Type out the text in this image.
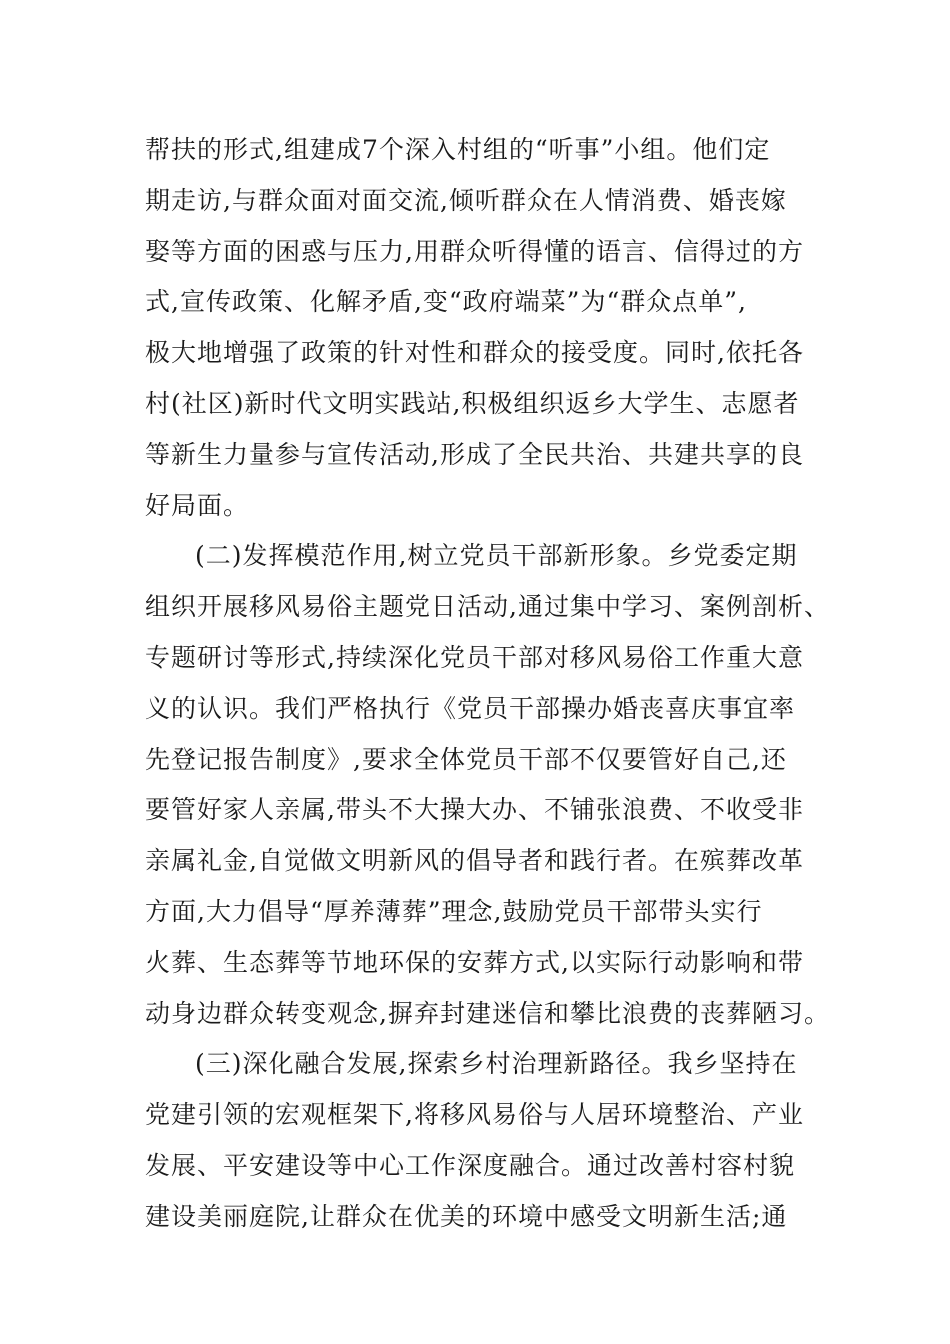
帮扶的形式,组建成7个深入村组的“听事”小组。他们定
期走访,与群众面对面交流,倾听群众在人情消费、婚丧嫁
娶等方面的困惑与压力,用群众听得懂的语言、信得过的方
式,宣传政策、化解矛盾,变“政府端菜”为“群众点单”,
极大地增强了政策的针对性和群众的接受度。同时,依托各
村(社区)新时代文明实践站,积极组织返乡大学生、志愿者
等新生力量参与宣传活动,形成了全民共治、共建共享的良
好局面。
(二)发挥模范作用,树立党员干部新形象。乡党委定期
组织开展移风易俗主题党日活动,通过集中学习、案例剖析、
专题研讨等形式,持续深化党员干部对移风易俗工作重大意
义的认识。我们严格执行《党员干部操办婚丧喜庆事宜率
先登记报告制度》,要求全体党员干部不仅要管好自己,还
要管好家人亲属,带头不大操大办、不铺张浪费、不收受非
亲属礼金,自觉做文明新风的倡导者和践行者。在殡葬改革
方面,大力倡导“厚养薄葬”理念,鼓励党员干部带头实行
火葬、生态葬等节地环保的安葬方式,以实际行动影响和带
动身边群众转变观念,摒弃封建迷信和攀比浪费的丧葬陋习。
(三)深化融合发展,探索乡村治理新路径。我乡坚持在
党建引领的宏观框架下,将移风易俗与人居环境整治、产业
发展、平安建设等中心工作深度融合。通过改善村容村貌
建设美丽庭院,让群众在优美的环境中感受文明新生活;通
